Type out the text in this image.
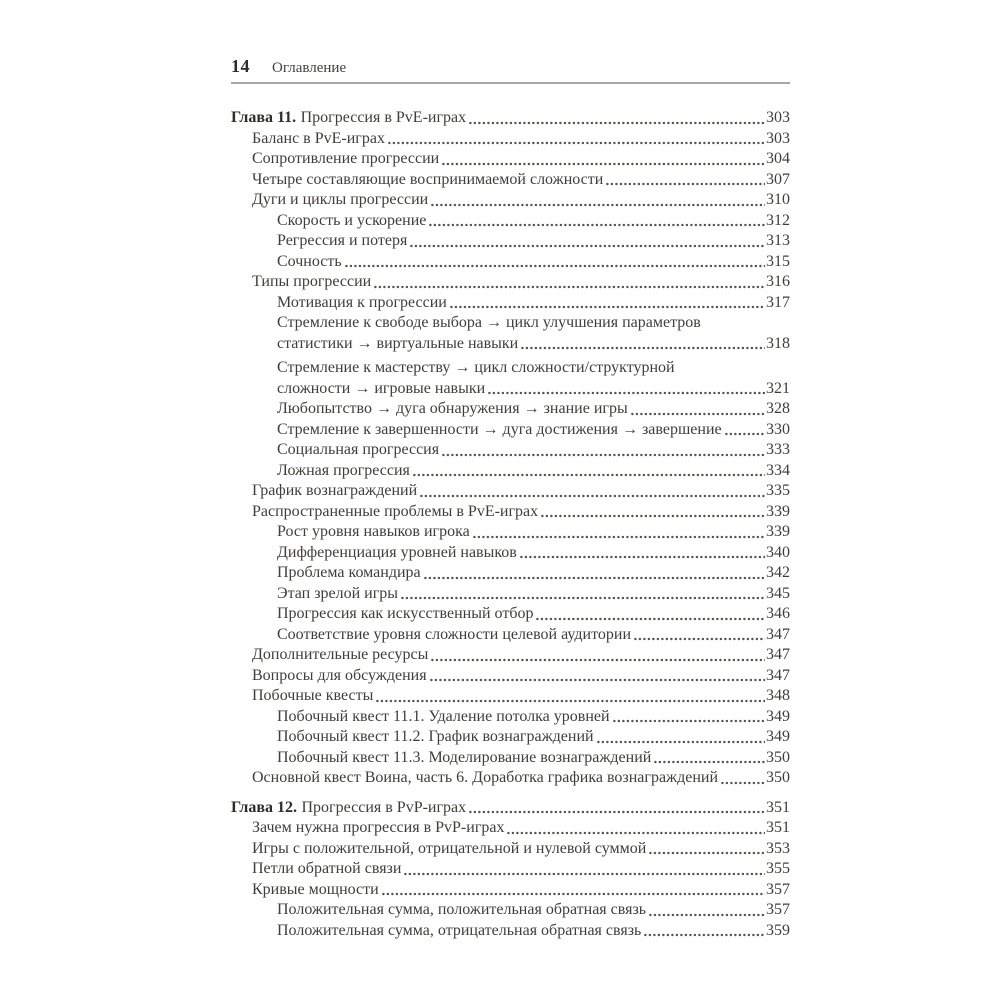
14 Оглавление
Глава 11. Прогрессия в PvE-играх	303
Баланс в PvE-играх	303
Сопротивление прогрессии	304
Четыре составляющие воспринимаемой сложности	307
Дуги и циклы прогрессии	310
Скорость и ускорение	312
Регрессия и потеря	313
Сочность	315
Типы прогрессии	316
Мотивация к прогрессии	317
Стремление к свободе выбора → цикл улучшения параметров
статистики → виртуальные навыки	318
Стремление к мастерству → цикл сложности/структурной
сложности → игровые навыки	321
Любопытство → дуга обнаружения → знание игры	328
Стремление к завершенности → дуга достижения → завершение	330
Социальная прогрессия	333
Ложная прогрессия	334
График вознаграждений	335
Распространенные проблемы в PvE-играх	339
Рост уровня навыков игрока	339
Дифференциация уровней навыков	340
Проблема командира	342
Этап зрелой игры	345
Прогрессия как искусственный отбор	346
Соответствие уровня сложности целевой аудитории	347
Дополнительные ресурсы	347
Вопросы для обсуждения	347
Побочные квесты	348
Побочный квест 11.1. Удаление потолка уровней	349
Побочный квест 11.2. График вознаграждений	349
Побочный квест 11.3. Моделирование вознаграждений	350
Основной квест Воина, часть 6. Доработка графика вознаграждений	350
Глава 12. Прогрессия в PvP-играх	351
Зачем нужна прогрессия в PvP-играх	351
Игры с положительной, отрицательной и нулевой суммой	353
Петли обратной связи	355
Кривые мощности	357
Положительная сумма, положительная обратная связь	357
Положительная сумма, отрицательная обратная связь	359
